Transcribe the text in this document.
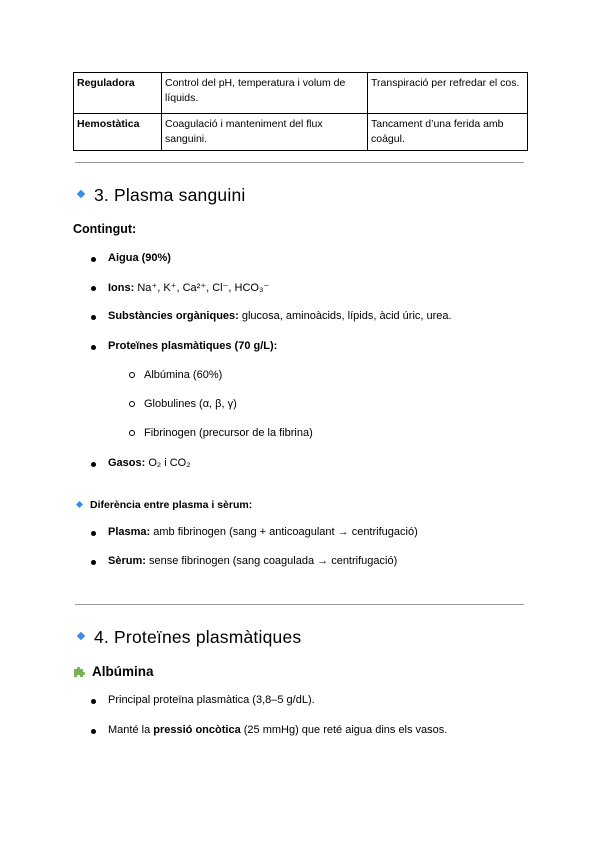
Reguladora	Control del pH, temperatura i volum de líquids.	Transpiració per refredar el cos.
Hemostàtica	Coagulació i manteniment del flux sanguini.	Tancament d’una ferida amb coàgul.
3. Plasma sanguini
Contingut:
Aigua (90%)
Ions: Na⁺, K⁺, Ca²⁺, Cl⁻, HCO₃⁻
Substàncies orgàniques: glucosa, aminoàcids, lípids, àcid úric, urea.
Proteïnes plasmàtiques (70 g/L):
Albúmina (60%)
Globulines (α, β, γ)
Fibrinogen (precursor de la fibrina)
Gasos: O₂ i CO₂
Diferència entre plasma i sèrum:
Plasma: amb fibrinogen (sang + anticoagulant → centrifugació)
Sèrum: sense fibrinogen (sang coagulada → centrifugació)
4. Proteïnes plasmàtiques
Albúmina
Principal proteïna plasmàtica (3,8–5 g/dL).
Manté la pressió oncòtica (25 mmHg) que reté aigua dins els vasos.
